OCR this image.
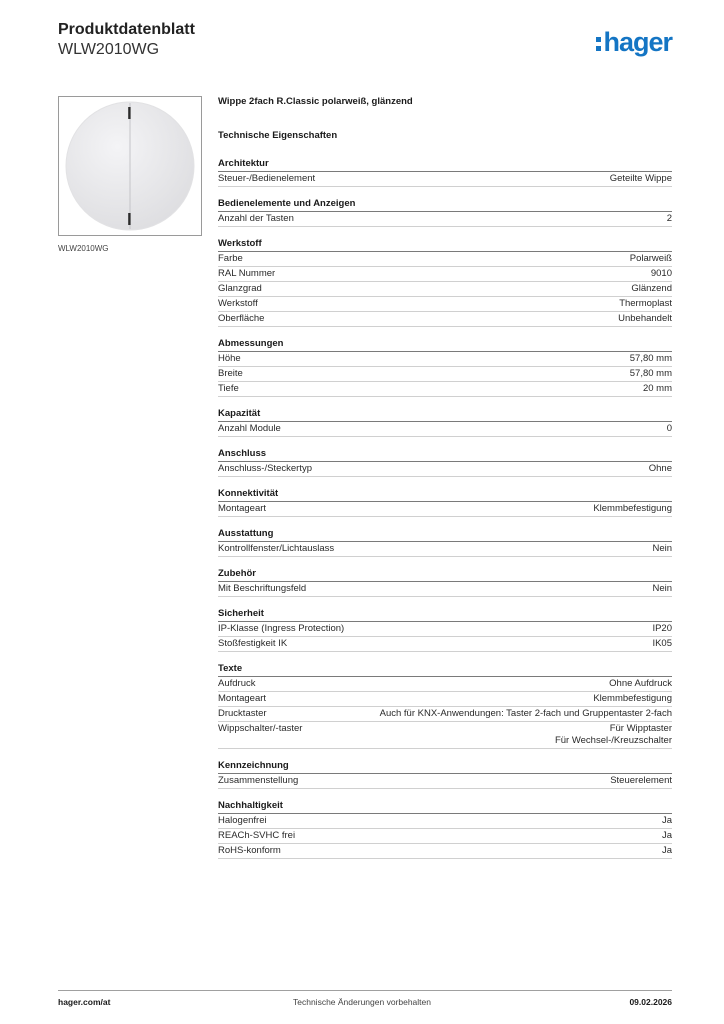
Produktdatenblatt
WLW2010WG	hager
WLW2010WG
Wippe 2fach R.Classic polarweiß, glänzend
Technische Eigenschaften
Architektur
Steuer-/Bedienelement	Geteilte Wippe
Bedienelemente und Anzeigen
Anzahl der Tasten	2
Werkstoff
Farbe	Polarweiß
RAL Nummer	9010
Glanzgrad	Glänzend
Werkstoff	Thermoplast
Oberfläche	Unbehandelt
Abmessungen
Höhe	57,80 mm
Breite	57,80 mm
Tiefe	20 mm
Kapazität
Anzahl Module	0
Anschluss
Anschluss-/Steckertyp	Ohne
Konnektivität
Montageart	Klemmbefestigung
Ausstattung
Kontrollfenster/Lichtauslass	Nein
Zubehör
Mit Beschriftungsfeld	Nein
Sicherheit
IP-Klasse (Ingress Protection)	IP20
Stoßfestigkeit IK	IK05
Texte
Aufdruck	Ohne Aufdruck
Montageart	Klemmbefestigung
Drucktaster	Auch für KNX-Anwendungen: Taster 2-fach und Gruppentaster 2-fach
Wippschalter/-taster	Für Wipptaster
Für Wechsel-/Kreuzschalter
Kennzeichnung
Zusammenstellung	Steuerelement
Nachhaltigkeit
Halogenfrei	Ja
REACh-SVHC frei	Ja
RoHS-konform	Ja
hager.com/at	Technische Änderungen vorbehalten	09.02.2026
